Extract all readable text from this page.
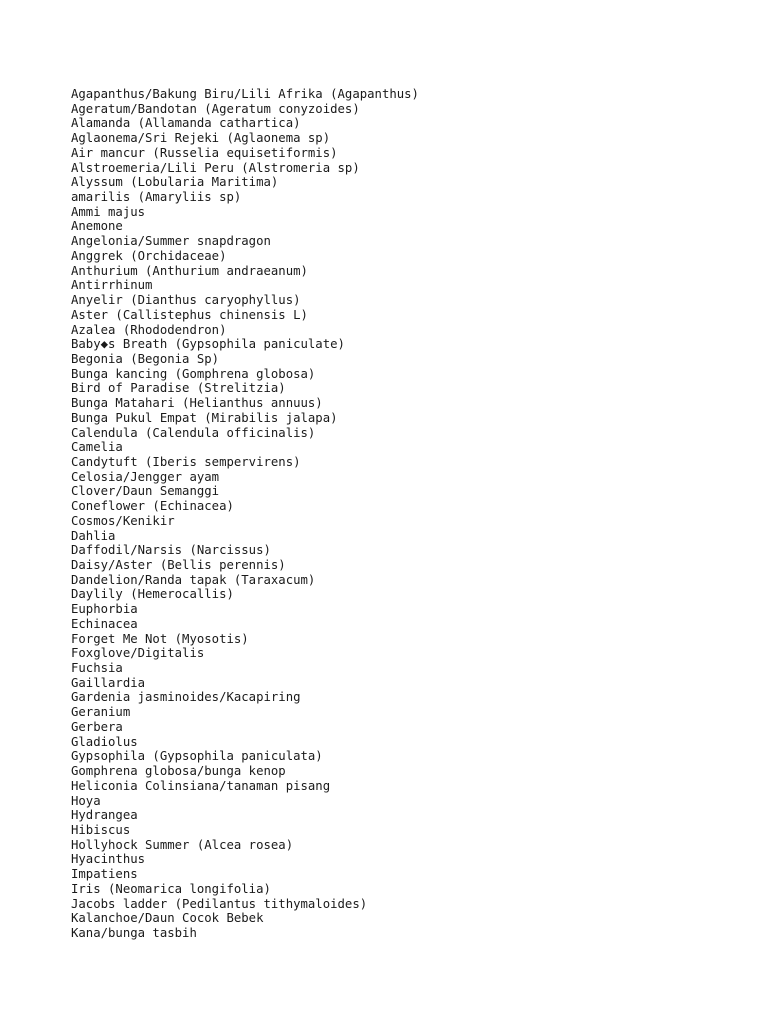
Agapanthus/Bakung Biru/Lili Afrika (Agapanthus)
Ageratum/Bandotan (Ageratum conyzoides)
Alamanda (Allamanda cathartica)
Aglaonema/Sri Rejeki (Aglaonema sp)
Air mancur (Russelia equisetiformis)
Alstroemeria/Lili Peru (Alstromeria sp)
Alyssum (Lobularia Maritima)
amarilis (Amaryliis sp)
Ammi majus
Anemone
Angelonia/Summer snapdragon
Anggrek (Orchidaceae)
Anthurium (Anthurium andraeanum)
Antirrhinum
Anyelir (Dianthus caryophyllus)
Aster (Callistephus chinensis L)
Azalea (Rhododendron)
Baby◆s Breath (Gypsophila paniculate)
Begonia (Begonia Sp)
Bunga kancing (Gomphrena globosa)
Bird of Paradise (Strelitzia)
Bunga Matahari (Helianthus annuus)
Bunga Pukul Empat (Mirabilis jalapa)
Calendula (Calendula officinalis)
Camelia
Candytuft (Iberis sempervirens)
Celosia/Jengger ayam
Clover/Daun Semanggi
Coneflower (Echinacea)
Cosmos/Kenikir
Dahlia
Daffodil/Narsis (Narcissus)
Daisy/Aster (Bellis perennis)
Dandelion/Randa tapak (Taraxacum)
Daylily (Hemerocallis)
Euphorbia
Echinacea
Forget Me Not (Myosotis)
Foxglove/Digitalis
Fuchsia
Gaillardia
Gardenia jasminoides/Kacapiring
Geranium
Gerbera
Gladiolus
Gypsophila (Gypsophila paniculata)
Gomphrena globosa/bunga kenop
Heliconia Colinsiana/tanaman pisang
Hoya
Hydrangea
Hibiscus
Hollyhock Summer (Alcea rosea)
Hyacinthus
Impatiens
Iris (Neomarica longifolia)
Jacobs ladder (Pedilantus tithymaloides)
Kalanchoe/Daun Cocok Bebek
Kana/bunga tasbih
